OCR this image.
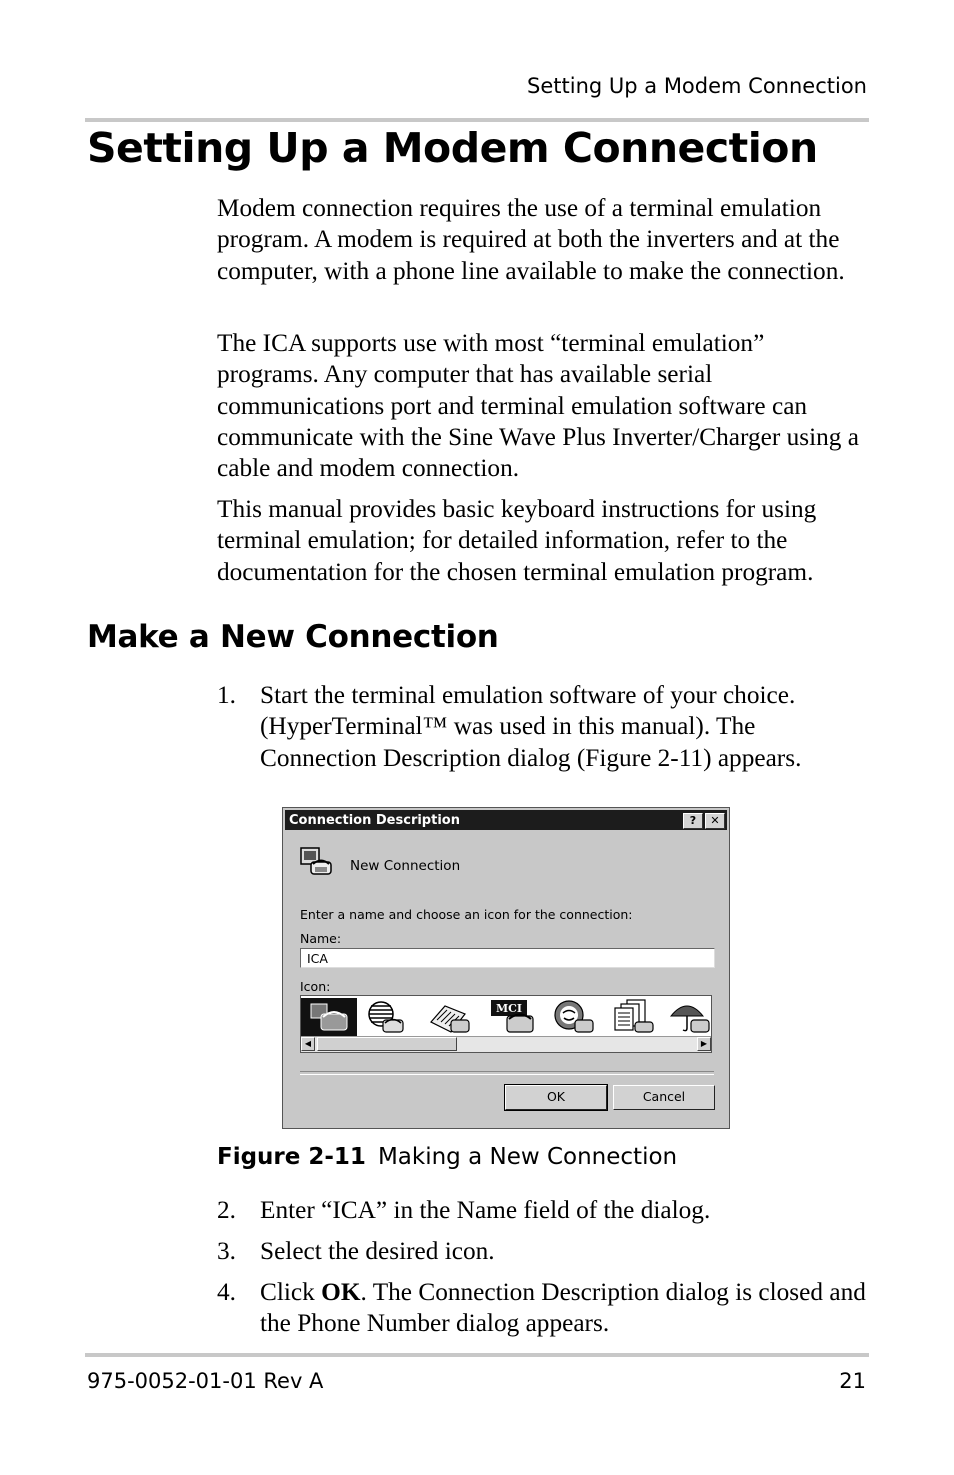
Setting Up a Modem Connection
Setting Up a Modem Connection

Modem connection requires the use of a terminal emulation program. A modem is required at both the inverters and at the computer, with a phone line available to make the connection.

The ICA supports use with most “terminal emulation” programs. Any computer that has available serial communications port and terminal emulation software can communicate with the Sine Wave Plus Inverter/Charger using a cable and modem connection.

This manual provides basic keyboard instructions for using terminal emulation; for detailed information, refer to the documentation for the chosen terminal emulation program.

Make a New Connection
1. Start the terminal emulation software of your choice. (HyperTerminal™ was used in this manual). The Connection Description dialog (Figure 2-11) appears.
Connection Description	?	✕
New Connection
Enter a name and choose an icon for the connection:
Name:
ICA
Icon:
MCI
◀	▶
OK	Cancel
Figure 2-11 Making a New Connection
2. Enter “ICA” in the Name field of the dialog.
3. Select the desired icon.
4. Click OK. The Connection Description dialog is closed and the Phone Number dialog appears.
975-0052-01-01 Rev A	21
